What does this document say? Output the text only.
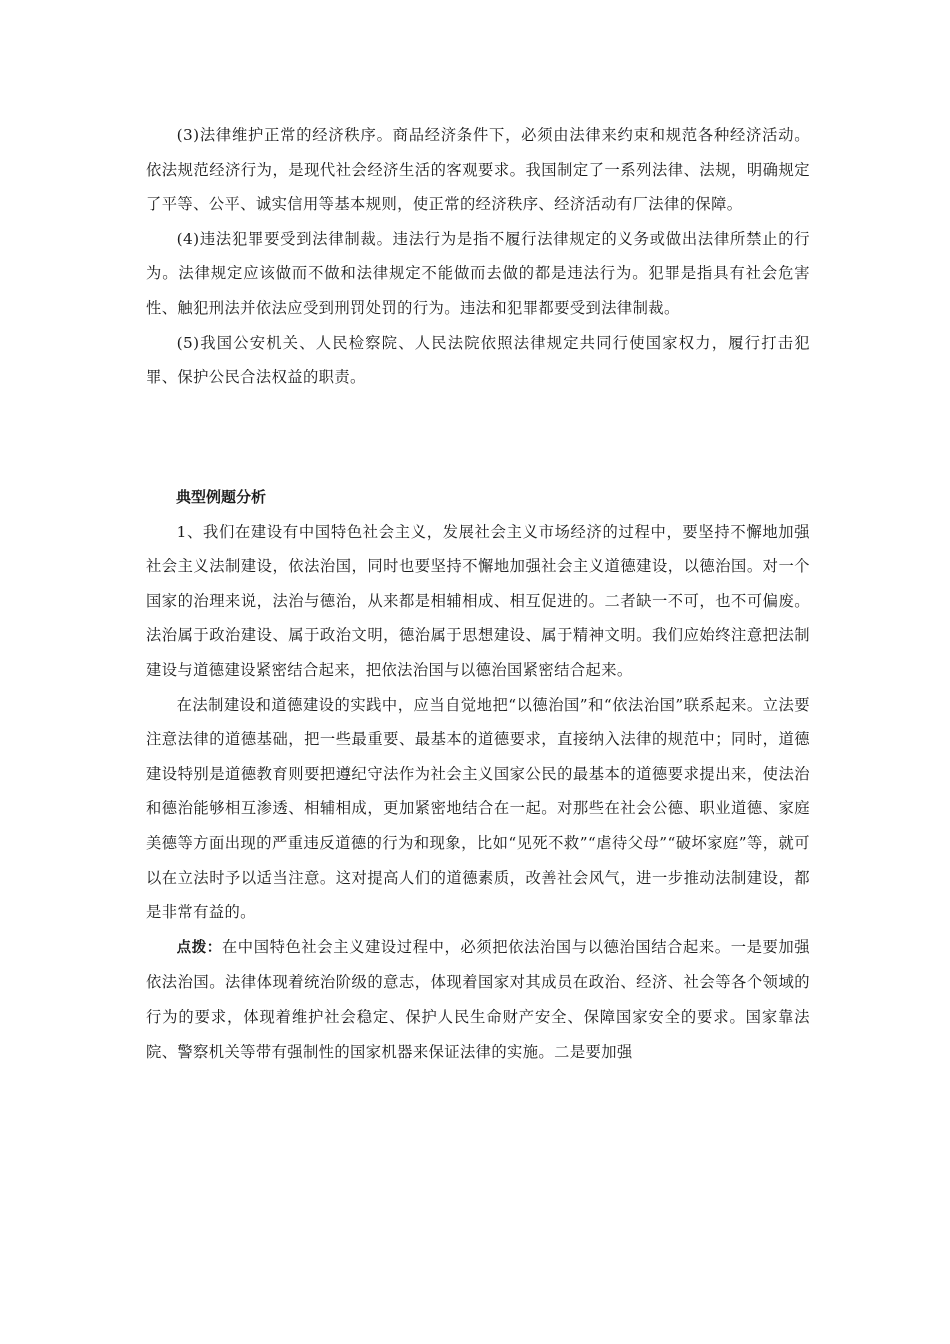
(3)法律维护正常的经济秩序。商品经济条件下，必须由法律来约束和规范各种经济活动。依法规范经济行为，是现代社会经济生活的客观要求。我国制定了一系列法律、法规，明确规定了平等、公平、诚实信用等基本规则，使正常的经济秩序、经济活动有厂法律的保障。

(4)违法犯罪要受到法律制裁。违法行为是指不履行法律规定的义务或做出法律所禁止的行为。法律规定应该做而不做和法律规定不能做而去做的都是违法行为。犯罪是指具有社会危害性、触犯刑法并依法应受到刑罚处罚的行为。违法和犯罪都要受到法律制裁。

(5)我国公安机关、人民检察院、人民法院依照法律规定共同行使国家权力，履行打击犯罪、保护公民合法权益的职责。

典型例题分析

1、我们在建设有中国特色社会主义，发展社会主义市场经济的过程中，要坚持不懈地加强社会主义法制建设，依法治国，同时也要坚持不懈地加强社会主义道德建设，以德治国。对一个国家的治理来说，法治与德治，从来都是相辅相成、相互促进的。二者缺一不可，也不可偏废。法治属于政治建设、属于政治文明，德治属于思想建设、属于精神文明。我们应始终注意把法制建设与道德建设紧密结合起来，把依法治国与以德治国紧密结合起来。

在法制建设和道德建设的实践中，应当自觉地把“以德治国”和“依法治国”联系起来。立法要注意法律的道德基础，把一些最重要、最基本的道德要求，直接纳入法律的规范中；同时，道德建设特别是道德教育则要把遵纪守法作为社会主义国家公民的最基本的道德要求提出来，使法治和德治能够相互渗透、相辅相成，更加紧密地结合在一起。对那些在社会公德、职业道德、家庭美德等方面出现的严重违反道德的行为和现象，比如“见死不救”“虐待父母”“破坏家庭”等，就可以在立法时予以适当注意。这对提高人们的道德素质，改善社会风气，进一步推动法制建设，都是非常有益的。

点拨：在中国特色社会主义建设过程中，必须把依法治国与以德治国结合起来。一是要加强依法治国。法律体现着统治阶级的意志，体现着国家对其成员在政治、经济、社会等各个领域的行为的要求，体现着维护社会稳定、保护人民生命财产安全、保障国家安全的要求。国家靠法院、警察机关等带有强制性的国家机器来保证法律的实施。二是要加强
